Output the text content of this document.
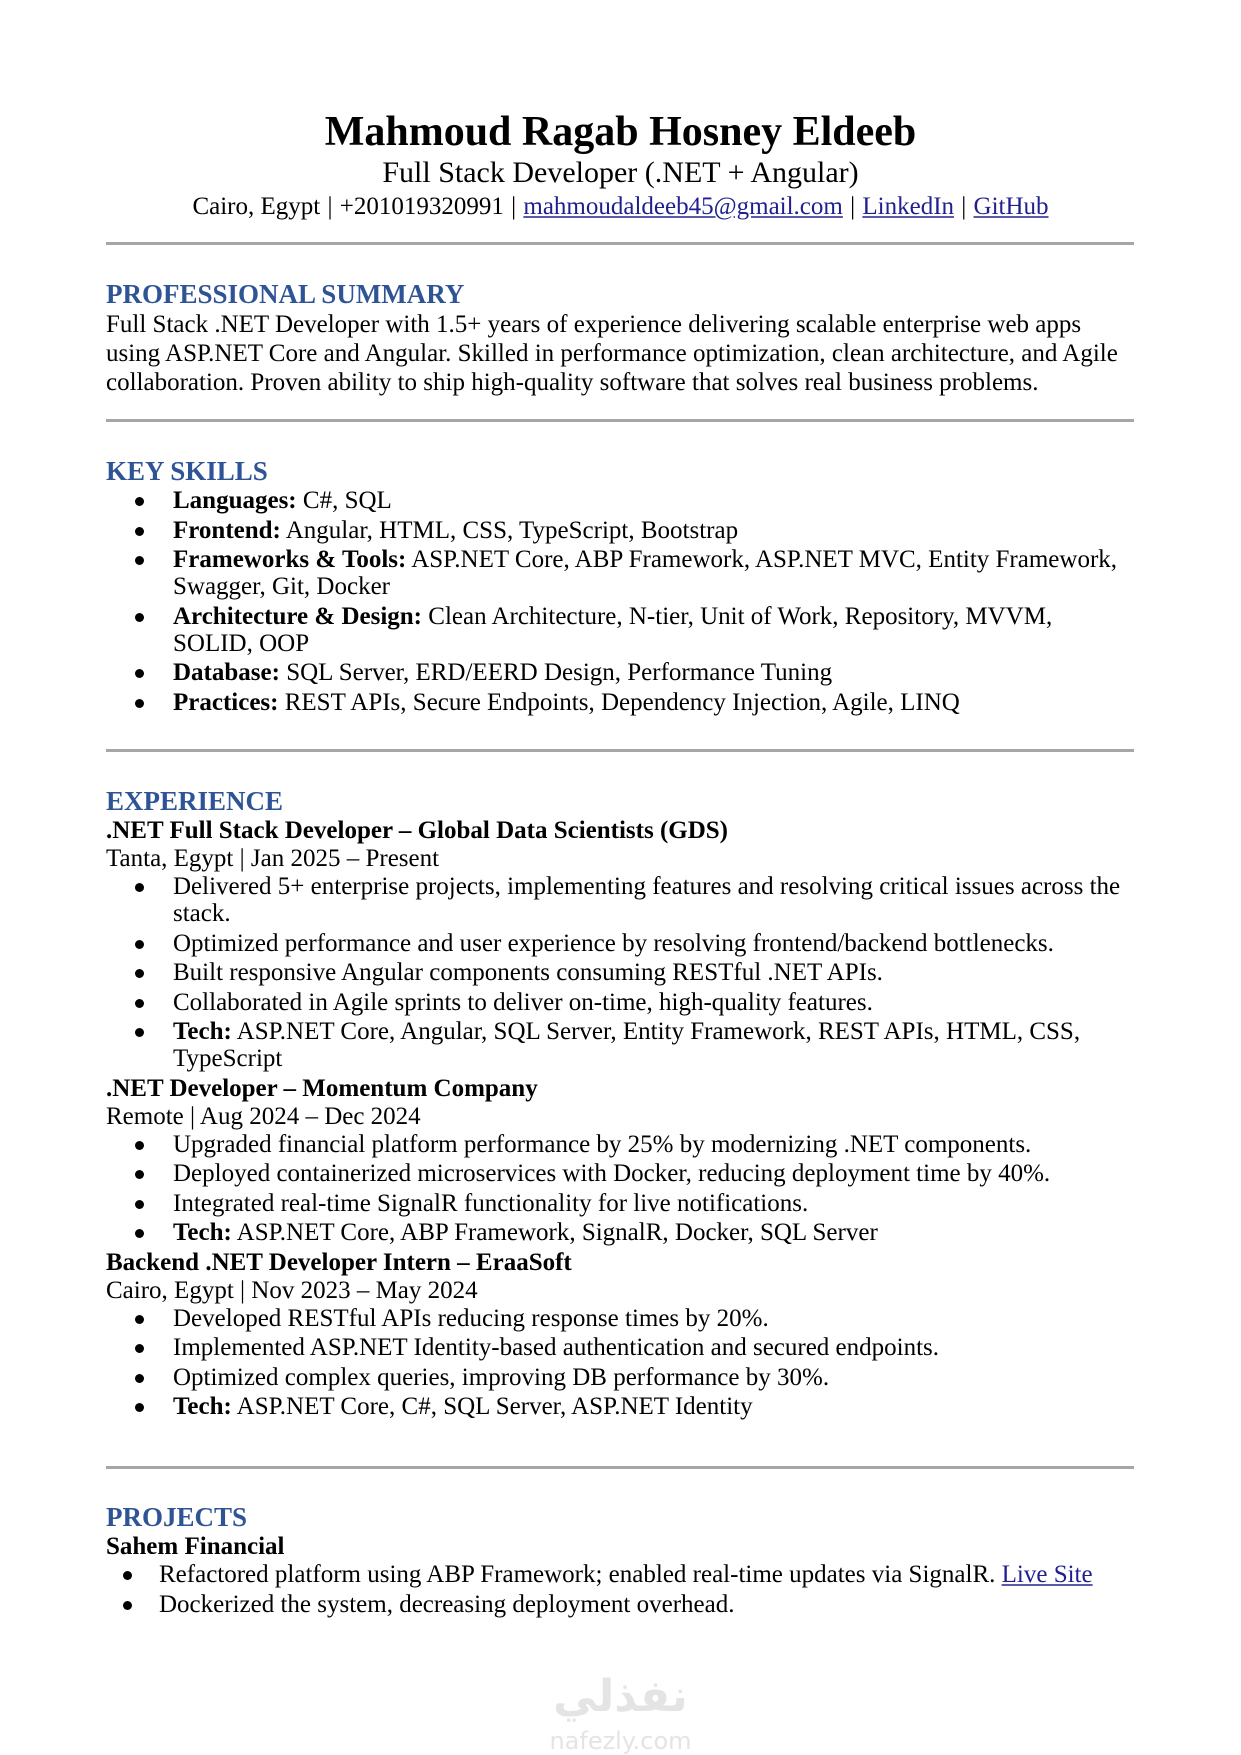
Mahmoud Ragab Hosney Eldeeb
Full Stack Developer (.NET + Angular)
Cairo, Egypt | +201019320991 | mahmoudaldeeb45@gmail.com | LinkedIn | GitHub
PROFESSIONAL SUMMARY

Full Stack .NET Developer with 1.5+ years of experience delivering scalable enterprise web apps using ASP.NET Core and Angular. Skilled in performance optimization, clean architecture, and Agile collaboration. Proven ability to ship high-quality software that solves real business problems.

KEY SKILLS
Languages: C#, SQL
Frontend: Angular, HTML, CSS, TypeScript, Bootstrap
Frameworks & Tools: ASP.NET Core, ABP Framework, ASP.NET MVC, Entity Framework, Swagger, Git, Docker
Architecture & Design: Clean Architecture, N-tier, Unit of Work, Repository, MVVM, SOLID, OOP
Database: SQL Server, ERD/EERD Design, Performance Tuning
Practices: REST APIs, Secure Endpoints, Dependency Injection, Agile, LINQ
EXPERIENCE

.NET Full Stack Developer – Global Data Scientists (GDS)

Tanta, Egypt | Jan 2025 – Present

Delivered 5+ enterprise projects, implementing features and resolving critical issues across the stack.
Optimized performance and user experience by resolving frontend/backend bottlenecks.
Built responsive Angular components consuming RESTful .NET APIs.
Collaborated in Agile sprints to deliver on-time, high-quality features.
Tech: ASP.NET Core, Angular, SQL Server, Entity Framework, REST APIs, HTML, CSS, TypeScript

.NET Developer – Momentum Company

Remote | Aug 2024 – Dec 2024

Upgraded financial platform performance by 25% by modernizing .NET components.
Deployed containerized microservices with Docker, reducing deployment time by 40%.
Integrated real-time SignalR functionality for live notifications.
Tech: ASP.NET Core, ABP Framework, SignalR, Docker, SQL Server

Backend .NET Developer Intern – EraaSoft

Cairo, Egypt | Nov 2023 – May 2024

Developed RESTful APIs reducing response times by 20%.
Implemented ASP.NET Identity-based authentication and secured endpoints.
Optimized complex queries, improving DB performance by 30%.
Tech: ASP.NET Core, C#, SQL Server, ASP.NET Identity
PROJECTS

Sahem Financial

Refactored platform using ABP Framework; enabled real-time updates via SignalR. Live Site
Dockerized the system, decreasing deployment overhead.
نفذلي
nafezly.com
